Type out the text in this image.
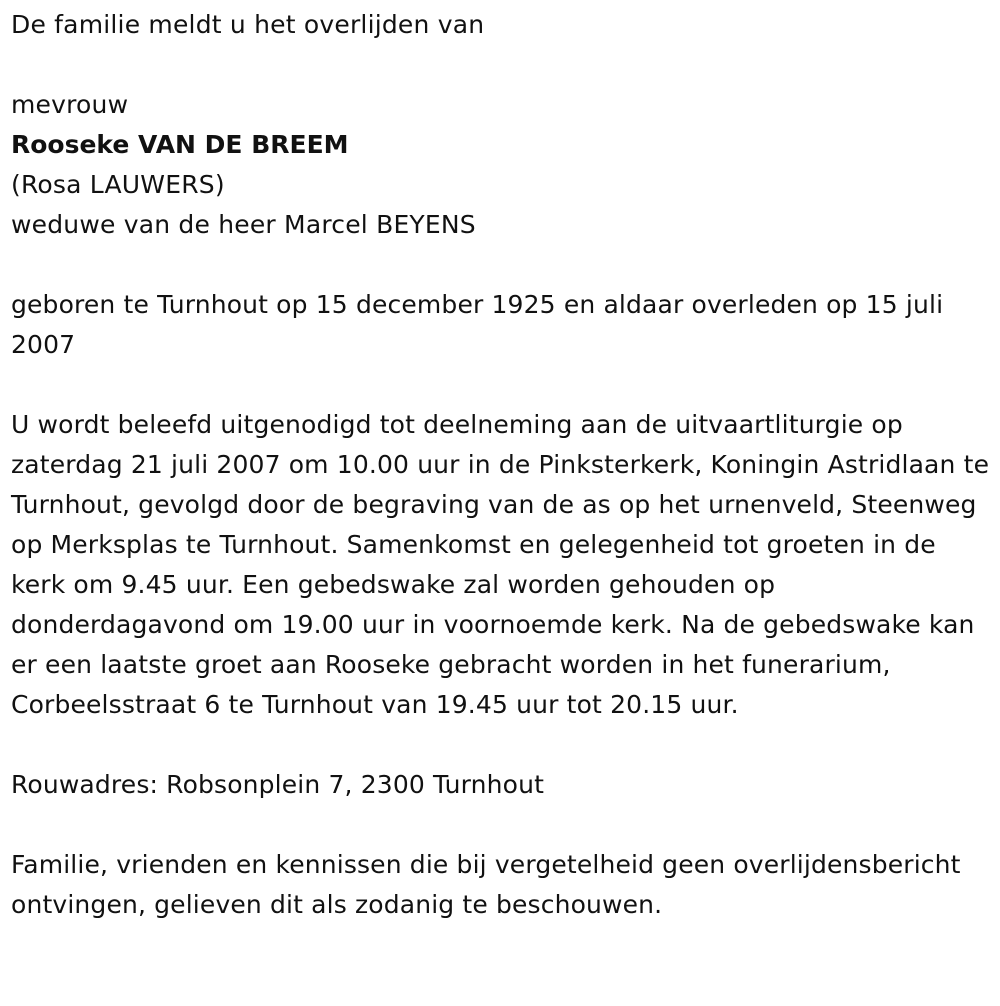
De familie meldt u het overlijden van

mevrouw

Rooseke VAN DE BREEM

(Rosa LAUWERS)

weduwe van de heer Marcel BEYENS

geboren te Turnhout op 15 december 1925 en aldaar overleden op 15 juli 2007

U wordt beleefd uitgenodigd tot deelneming aan de uitvaartliturgie op zaterdag 21 juli 2007 om 10.00 uur in de Pinksterkerk, Koningin Astridlaan te Turnhout, gevolgd door de begraving van de as op het urnenveld, Steenweg op Merksplas te Turnhout. Samenkomst en gelegenheid tot groeten in de kerk om 9.45 uur. Een gebedswake zal worden gehouden op donderdagavond om 19.00 uur in voornoemde kerk. Na de gebedswake kan er een laatste groet aan Rooseke gebracht worden in het funerarium, Corbeelsstraat 6 te Turnhout van 19.45 uur tot 20.15 uur.

Rouwadres: Robsonplein 7, 2300 Turnhout

Familie, vrienden en kennissen die bij vergetelheid geen overlijdensbericht ontvingen, gelieven dit als zodanig te beschouwen.
